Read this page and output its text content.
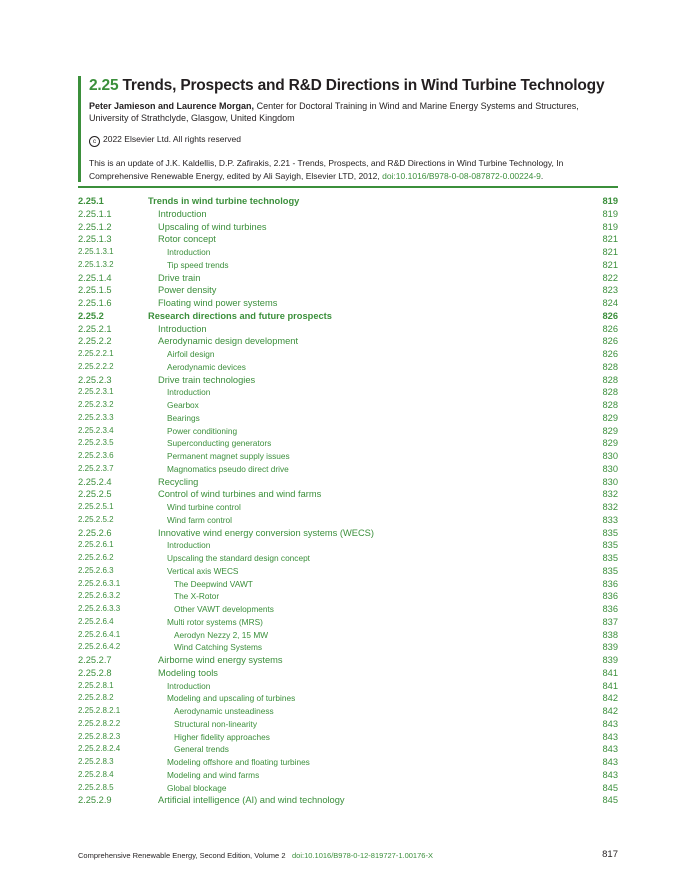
2.25 Trends, Prospects and R&D Directions in Wind Turbine Technology
Peter Jamieson and Laurence Morgan, Center for Doctoral Training in Wind and Marine Energy Systems and Structures, University of Strathclyde, Glasgow, United Kingdom
c 2022 Elsevier Ltd. All rights reserved
This is an update of J.K. Kaldellis, D.P. Zafirakis, 2.21 - Trends, Prospects, and R&D Directions in Wind Turbine Technology, In Comprehensive Renewable Energy, edited by Ali Sayigh, Elsevier LTD, 2012, doi:10.1016/B978-0-08-087872-0.00224-9.
2.25.1	Trends in wind turbine technology	819
2.25.1.1	Introduction	819
2.25.1.2	Upscaling of wind turbines	819
2.25.1.3	Rotor concept	821
2.25.1.3.1	Introduction	821
2.25.1.3.2	Tip speed trends	821
2.25.1.4	Drive train	822
2.25.1.5	Power density	823
2.25.1.6	Floating wind power systems	824
2.25.2	Research directions and future prospects	826
2.25.2.1	Introduction	826
2.25.2.2	Aerodynamic design development	826
2.25.2.2.1	Airfoil design	826
2.25.2.2.2	Aerodynamic devices	828
2.25.2.3	Drive train technologies	828
2.25.2.3.1	Introduction	828
2.25.2.3.2	Gearbox	828
2.25.2.3.3	Bearings	829
2.25.2.3.4	Power conditioning	829
2.25.2.3.5	Superconducting generators	829
2.25.2.3.6	Permanent magnet supply issues	830
2.25.2.3.7	Magnomatics pseudo direct drive	830
2.25.2.4	Recycling	830
2.25.2.5	Control of wind turbines and wind farms	832
2.25.2.5.1	Wind turbine control	832
2.25.2.5.2	Wind farm control	833
2.25.2.6	Innovative wind energy conversion systems (WECS)	835
2.25.2.6.1	Introduction	835
2.25.2.6.2	Upscaling the standard design concept	835
2.25.2.6.3	Vertical axis WECS	835
2.25.2.6.3.1	The Deepwind VAWT	836
2.25.2.6.3.2	The X-Rotor	836
2.25.2.6.3.3	Other VAWT developments	836
2.25.2.6.4	Multi rotor systems (MRS)	837
2.25.2.6.4.1	Aerodyn Nezzy 2, 15 MW	838
2.25.2.6.4.2	Wind Catching Systems	839
2.25.2.7	Airborne wind energy systems	839
2.25.2.8	Modeling tools	841
2.25.2.8.1	Introduction	841
2.25.2.8.2	Modeling and upscaling of turbines	842
2.25.2.8.2.1	Aerodynamic unsteadiness	842
2.25.2.8.2.2	Structural non-linearity	843
2.25.2.8.2.3	Higher fidelity approaches	843
2.25.2.8.2.4	General trends	843
2.25.2.8.3	Modeling offshore and floating turbines	843
2.25.2.8.4	Modeling and wind farms	843
2.25.2.8.5	Global blockage	845
2.25.2.9	Artificial intelligence (AI) and wind technology	845
Comprehensive Renewable Energy, Second Edition, Volume 2 doi:10.1016/B978-0-12-819727-1.00176-X	817
